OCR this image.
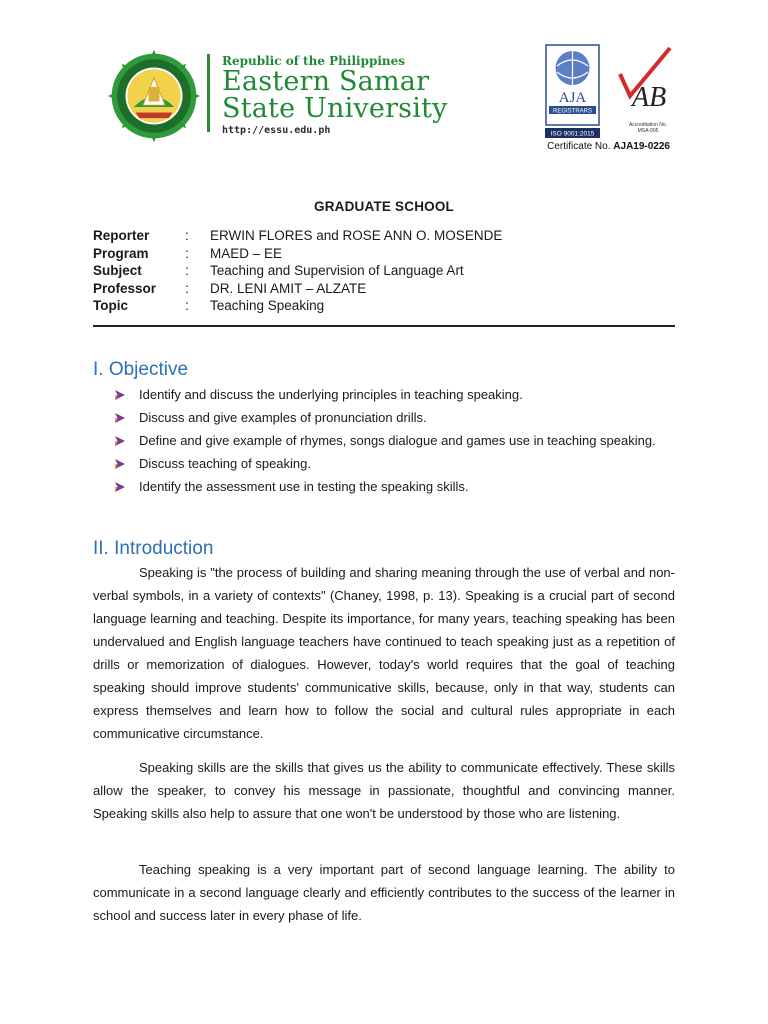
Republic of the Philippines
Eastern Samar
State University
http://essu.edu.ph
AJA
REGISTRARS
ISO 9001:2015
AB
Accreditation No.
MSA-005
Certificate No. AJA19-0226
GRADUATE SCHOOL
Reporter	: ERWIN FLORES and ROSE ANN O. MOSENDE
Program	: MAED – EE
Subject	: Teaching and Supervision of Language Art
Professor : DR. LENI AMIT – ALZATE
Topic	: Teaching Speaking
I. Objective
Identify and discuss the underlying principles in teaching speaking.
Discuss and give examples of pronunciation drills.
Define and give example of rhymes, songs dialogue and games use in teaching speaking.
Discuss teaching of speaking.
Identify the assessment use in testing the speaking skills.
II. Introduction

Speaking is "the process of building and sharing meaning through the use of verbal and non-verbal symbols, in a variety of contexts" (Chaney, 1998, p. 13). Speaking is a crucial part of second language learning and teaching. Despite its importance, for many years, teaching speaking has been undervalued and English language teachers have continued to teach speaking just as a repetition of drills or memorization of dialogues. However, today's world requires that the goal of teaching speaking should improve students' communicative skills, because, only in that way, students can express themselves and learn how to follow the social and cultural rules appropriate in each communicative circumstance.

Speaking skills are the skills that gives us the ability to communicate effectively. These skills allow the speaker, to convey his message in passionate, thoughtful and convincing manner. Speaking skills also help to assure that one won't be understood by those who are listening.

Teaching speaking is a very important part of second language learning. The ability to communicate in a second language clearly and efficiently contributes to the success of the learner in school and success later in every phase of life.
